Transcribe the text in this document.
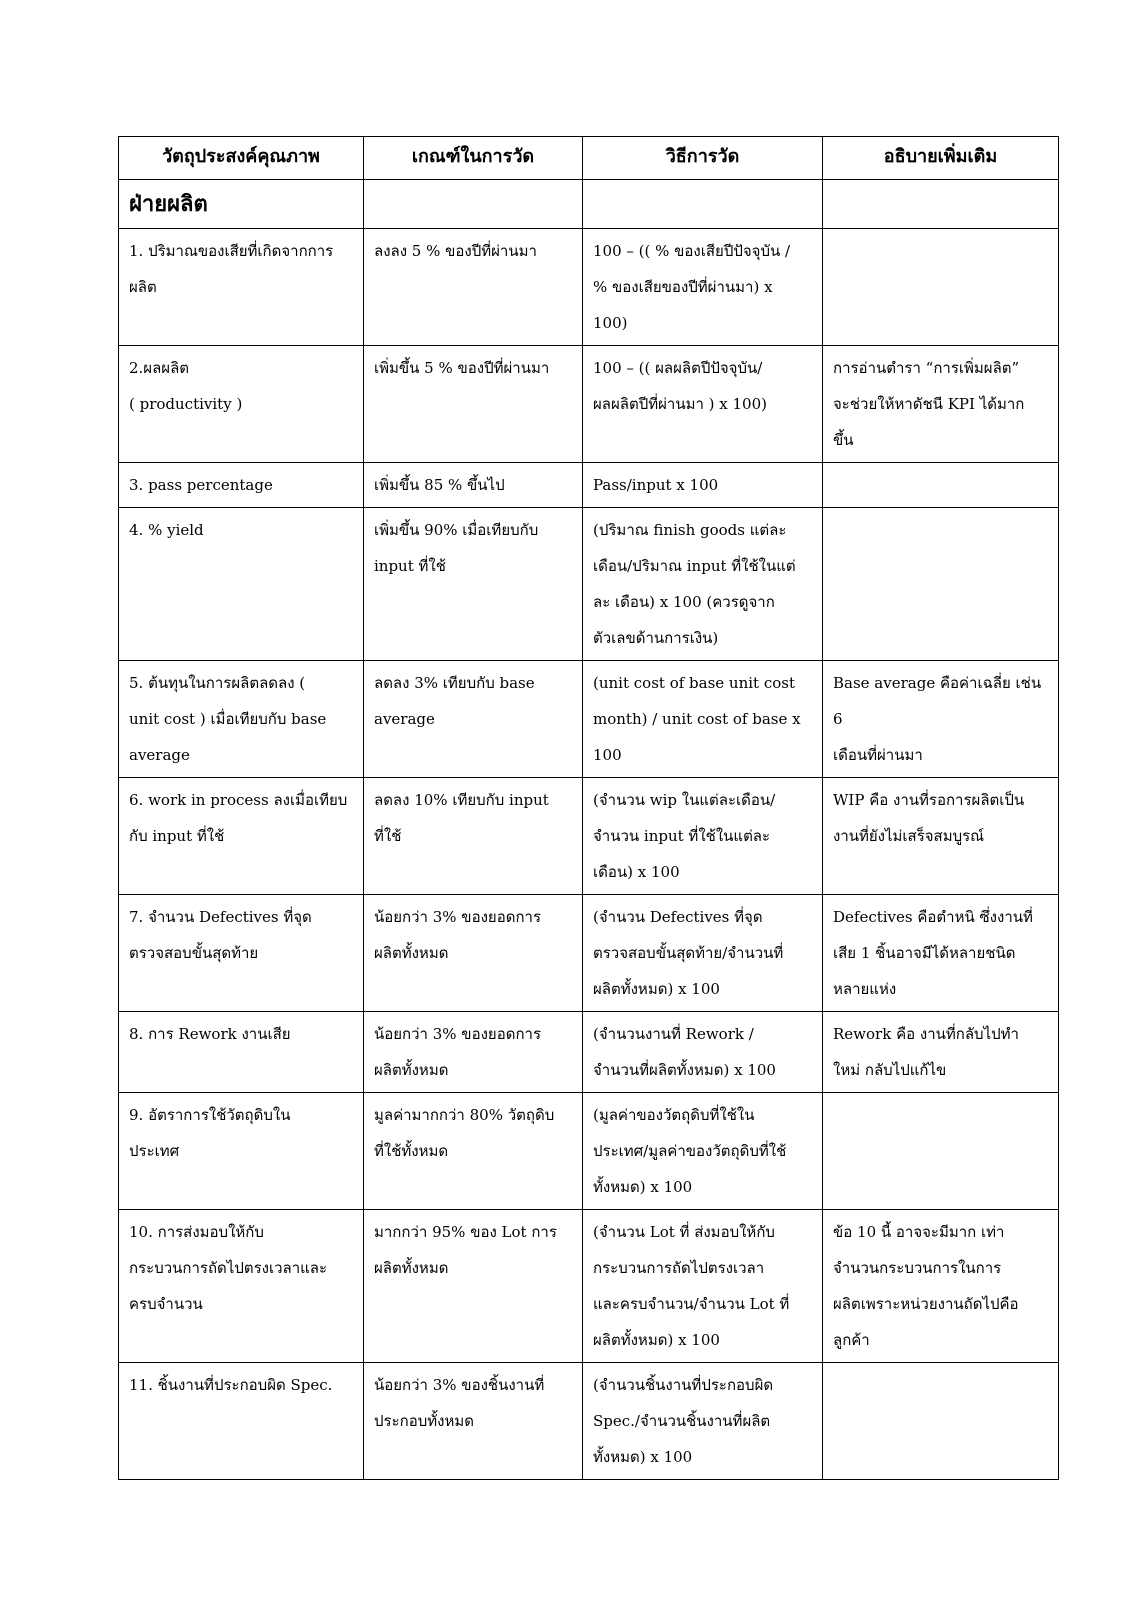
วัตถุประสงค์คุณภาพ	เกณฑ์ในการวัด	วิธีการวัด	อธิบายเพิ่มเติม
ฝ่ายผลิต			

1. ปริมาณของเสียที่เกิดจากการ
ผลิต	ลงลง 5 % ของปีที่ผ่านมา	100 – (( % ของเสียปีปัจจุบัน /
% ของเสียของปีที่ผ่านมา) x
100)	

2.ผลผลิต
( productivity )	เพิ่มขึ้น 5 % ของปีที่ผ่านมา	100 – (( ผลผลิตปีปัจจุบัน/
ผลผลิตปีที่ผ่านมา ) x 100)	การอ่านตำรา “การเพิ่มผลิต”
จะช่วยให้หาดัชนี KPI ได้มาก
ขึ้น

3. pass percentage	เพิ่มขึ้น 85 % ขึ้นไป	Pass/input x 100	

4. % yield	เพิ่มขึ้น 90% เมื่อเทียบกับ
input ที่ใช้	(ปริมาณ finish goods แต่ละ
เดือน/ปริมาณ input ที่ใช้ในแต่
ละ เดือน) x 100 (ควรดูจาก
ตัวเลขด้านการเงิน)	

5. ต้นทุนในการผลิตลดลง (
unit cost ) เมื่อเทียบกับ base
average	ลดลง 3% เทียบกับ base
average	(unit cost of base unit cost
month) / unit cost of base x
100	Base average คือค่าเฉลี่ย เช่น 6
เดือนที่ผ่านมา

6. work in process ลงเมื่อเทียบ
กับ input ที่ใช้	ลดลง 10% เทียบกับ input
ที่ใช้	(จำนวน wip ในแต่ละเดือน/
จำนวน input ที่ใช้ในแต่ละ
เดือน) x 100	WIP คือ งานที่รอการผลิตเป็น
งานที่ยังไม่เสร็จสมบูรณ์

7. จำนวน Defectives ที่จุด
ตรวจสอบขั้นสุดท้าย	น้อยกว่า 3% ของยอดการ
ผลิตทั้งหมด	(จำนวน Defectives ที่จุด
ตรวจสอบขั้นสุดท้าย/จำนวนที่
ผลิตทั้งหมด) x 100	Defectives คือตำหนิ ซึ่งงานที่
เสีย 1 ชิ้นอาจมีได้หลายชนิด
หลายแห่ง

8. การ Rework งานเสีย	น้อยกว่า 3% ของยอดการ
ผลิตทั้งหมด	(จำนวนงานที่ Rework /
จำนวนที่ผลิตทั้งหมด) x 100	Rework คือ งานที่กลับไปทำ
ใหม่ กลับไปแก้ไข

9. อัตราการใช้วัตถุดิบใน
ประเทศ	มูลค่ามากกว่า 80% วัตถุดิบ
ที่ใช้ทั้งหมด	(มูลค่าของวัตถุดิบที่ใช้ใน
ประเทศ/มูลค่าของวัตถุดิบที่ใช้
ทั้งหมด) x 100	

10. การส่งมอบให้กับ
กระบวนการถัดไปตรงเวลาและ
ครบจำนวน	มากกว่า 95% ของ Lot การ
ผลิตทั้งหมด	(จำนวน Lot ที่ ส่งมอบให้กับ
กระบวนการถัดไปตรงเวลา
และครบจำนวน/จำนวน Lot ที่
ผลิตทั้งหมด) x 100	ข้อ 10 นี้ อาจจะมีมาก เท่า
จำนวนกระบวนการในการ
ผลิตเพราะหน่วยงานถัดไปคือ
ลูกค้า

11. ชิ้นงานที่ประกอบผิด Spec.	น้อยกว่า 3% ของชิ้นงานที่
ประกอบทั้งหมด	(จำนวนชิ้นงานที่ประกอบผิด
Spec./จำนวนชิ้นงานที่ผลิต
ทั้งหมด) x 100	
